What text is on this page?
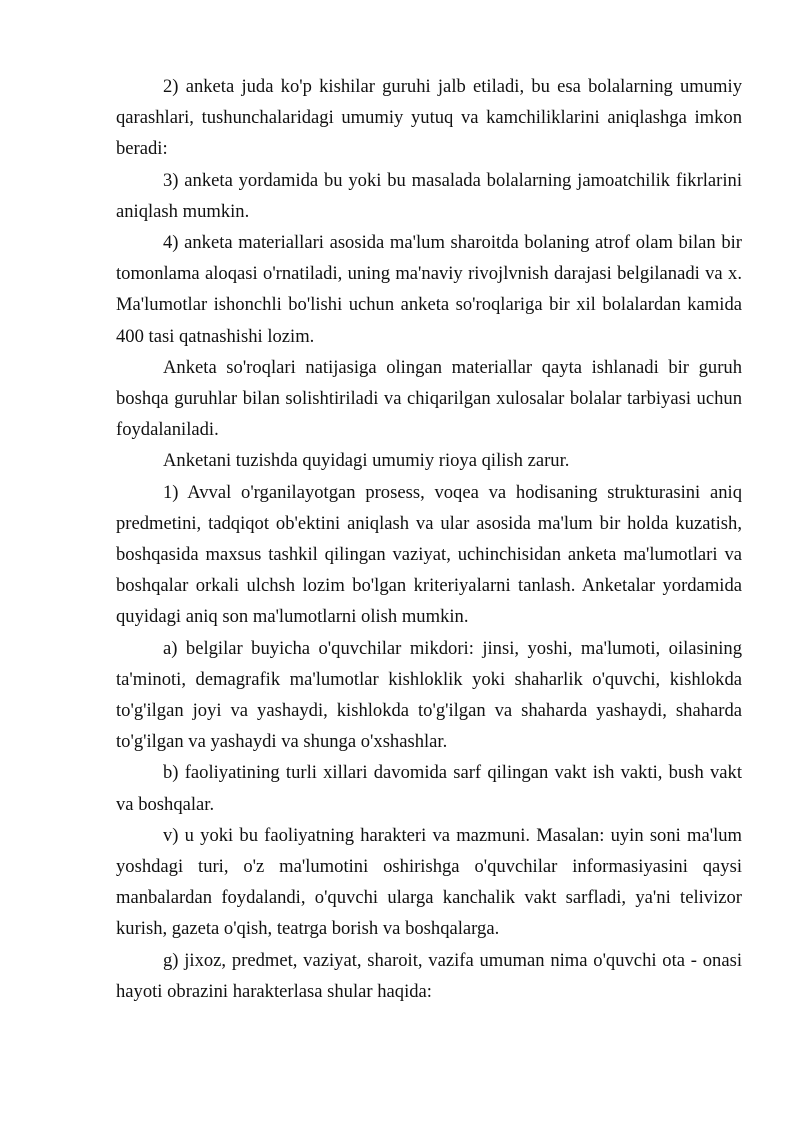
2) anketa juda ko'p kishilar guruhi jalb etiladi, bu esa bolalarning umumiy qarashlari, tushunchalaridagi umumiy yutuq va kamchiliklarini aniqlashga imkon beradi:

3) anketa yordamida bu yoki bu masalada bolalarning jamoatchilik fikrlarini aniqlash mumkin.

4) anketa materiallari asosida ma'lum sharoitda bolaning atrof olam bilan bir tomonlama aloqasi o'rnatiladi, uning ma'naviy rivojlvnish darajasi belgilanadi va x. Ma'lumotlar ishonchli bo'lishi uchun anketa so'roqlariga bir xil bolalardan kamida 400 tasi qatnashishi lozim.

Anketa so'roqlari natijasiga olingan materiallar qayta ishlanadi bir guruh boshqa guruhlar bilan solishtiriladi va chiqarilgan xulosalar bolalar tarbiyasi uchun foydalaniladi.

Anketani tuzishda quyidagi umumiy rioya qilish zarur.

1) Avval o'rganilayotgan prosess, voqea va hodisaning strukturasini aniq predmetini, tadqiqot ob'ektini aniqlash va ular asosida ma'lum bir holda kuzatish, boshqasida maxsus tashkil qilingan vaziyat, uchinchisidan anketa ma'lumotlari va boshqalar orkali ulchsh lozim bo'lgan kriteriyalarni tanlash. Anketalar yordamida quyidagi aniq son ma'lumotlarni olish mumkin.

a) belgilar buyicha o'quvchilar mikdori: jinsi, yoshi, ma'lumoti, oilasining ta'minoti, demagrafik ma'lumotlar kishloklik yoki shaharlik o'quvchi, kishlokda to'g'ilgan joyi va yashaydi, kishlokda to'g'ilgan va shaharda yashaydi, shaharda to'g'ilgan va yashaydi va shunga o'xshashlar.

b) faoliyatining turli xillari davomida sarf qilingan vakt ish vakti, bush vakt va boshqalar.

v) u yoki bu faoliyatning harakteri va mazmuni. Masalan: uyin soni ma'lum yoshdagi turi, o'z ma'lumotini oshirishga o'quvchilar informasiyasini qaysi manbalardan foydalandi, o'quvchi ularga kanchalik vakt sarfladi, ya'ni telivizor kurish, gazeta o'qish, teatrga borish va boshqalarga.

g) jixoz, predmet, vaziyat, sharoit, vazifa umuman nima o'quvchi ota - onasi hayoti obrazini harakterlasa shular haqida:
